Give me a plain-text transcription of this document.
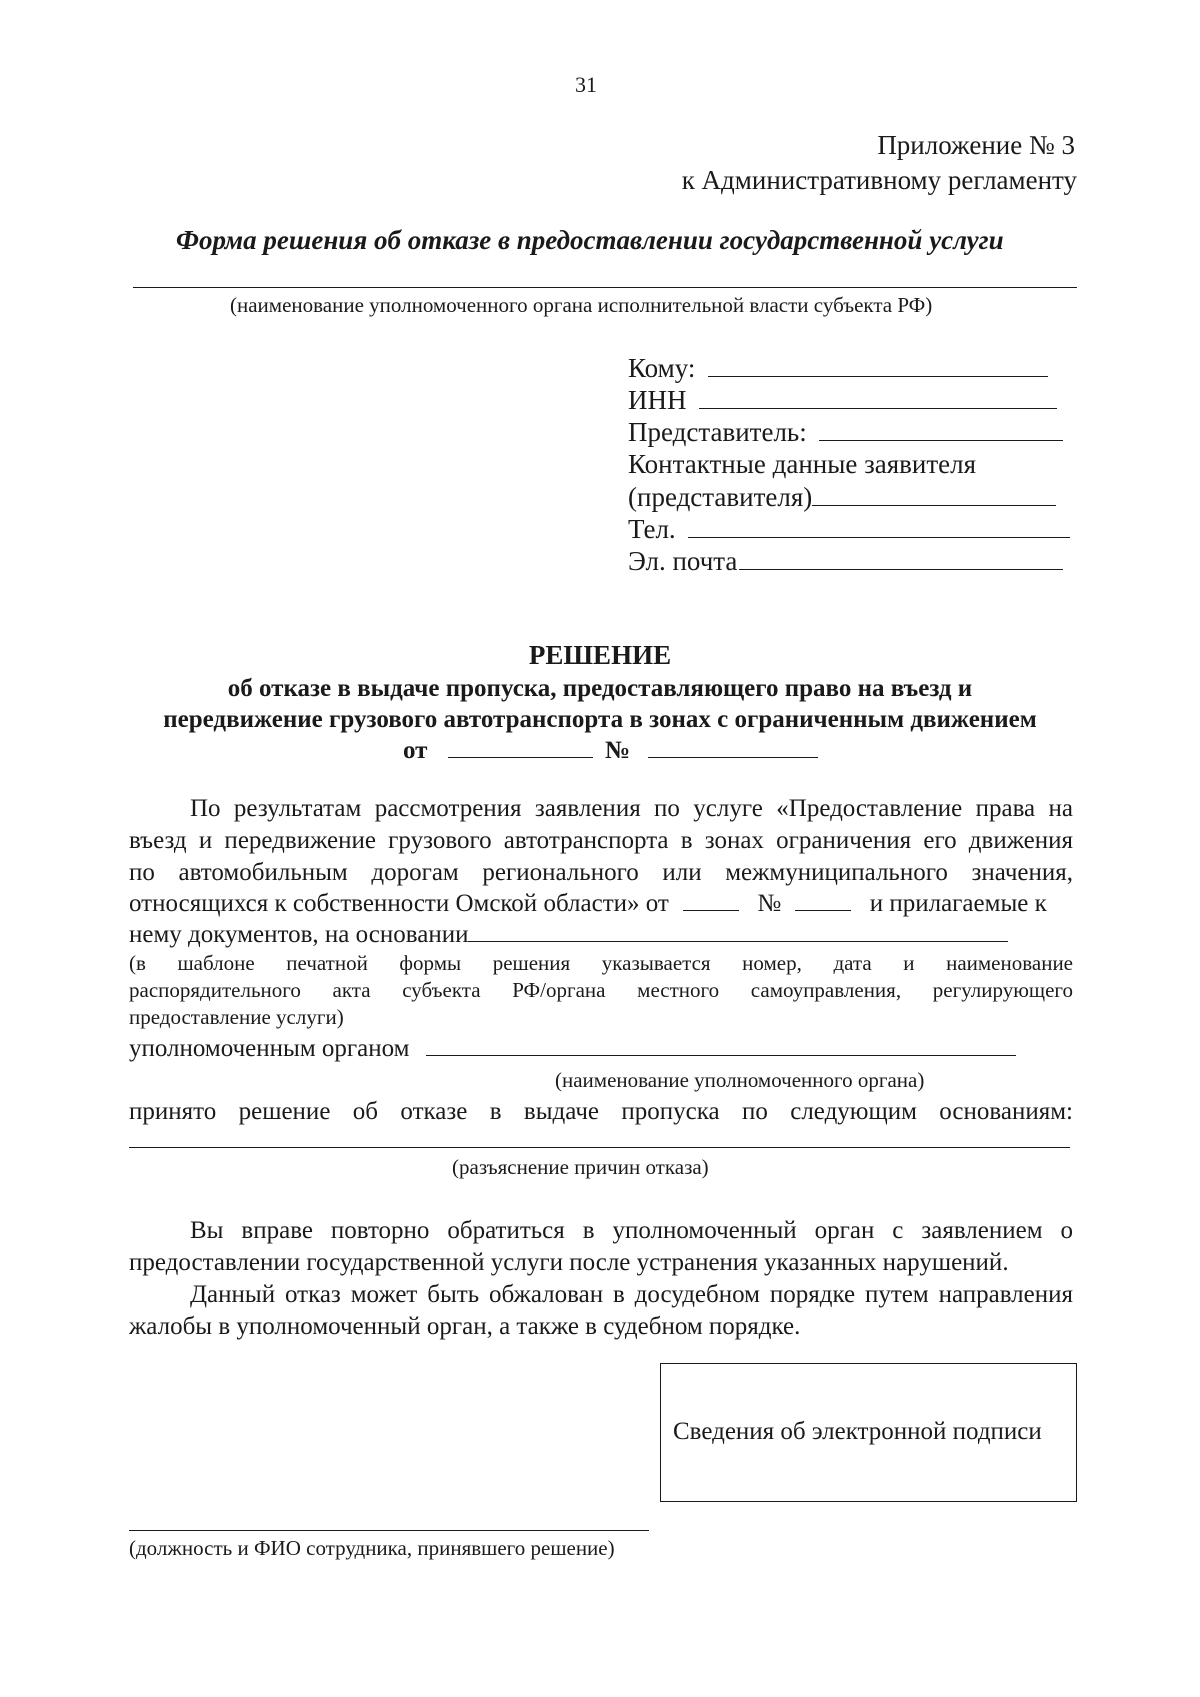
31
Приложение № 3
к Административному регламенту
Форма решения об отказе в предоставлении государственной услуги
(наименование уполномоченного органа исполнительной власти субъекта РФ)
Кому:
ИНН
Представитель:
Контактные данные заявителя
(представителя)
Тел.
Эл. почта
РЕШЕНИЕ
об отказе в выдаче пропуска, предоставляющего право на въезд и
передвижение грузового автотранспорта в зонах с ограниченным движением
от	№
По результатам рассмотрения заявления по услуге «Предоставление права на
въезд и передвижение грузового автотранспорта в зонах ограничения его движения
по автомобильным дорогам регионального или межмуниципального значения,
относящихся к собственности Омской области» от	№	и прилагаемые к
нему документов, на основании
(в шаблоне печатной формы решения указывается номер, дата и наименование
распорядительного акта субъекта РФ/органа местного самоуправления, регулирующего
предоставление услуги)
уполномоченным органом
(наименование уполномоченного органа)
принято решение об отказе в выдаче пропуска по следующим основаниям:
(разъяснение причин отказа)
Вы вправе повторно обратиться в уполномоченный орган с заявлением о
предоставлении государственной услуги после устранения указанных нарушений.
Данный отказ может быть обжалован в досудебном порядке путем направления
жалобы в уполномоченный орган, а также в судебном порядке.
Сведения об электронной подписи
(должность и ФИО сотрудника, принявшего решение)
